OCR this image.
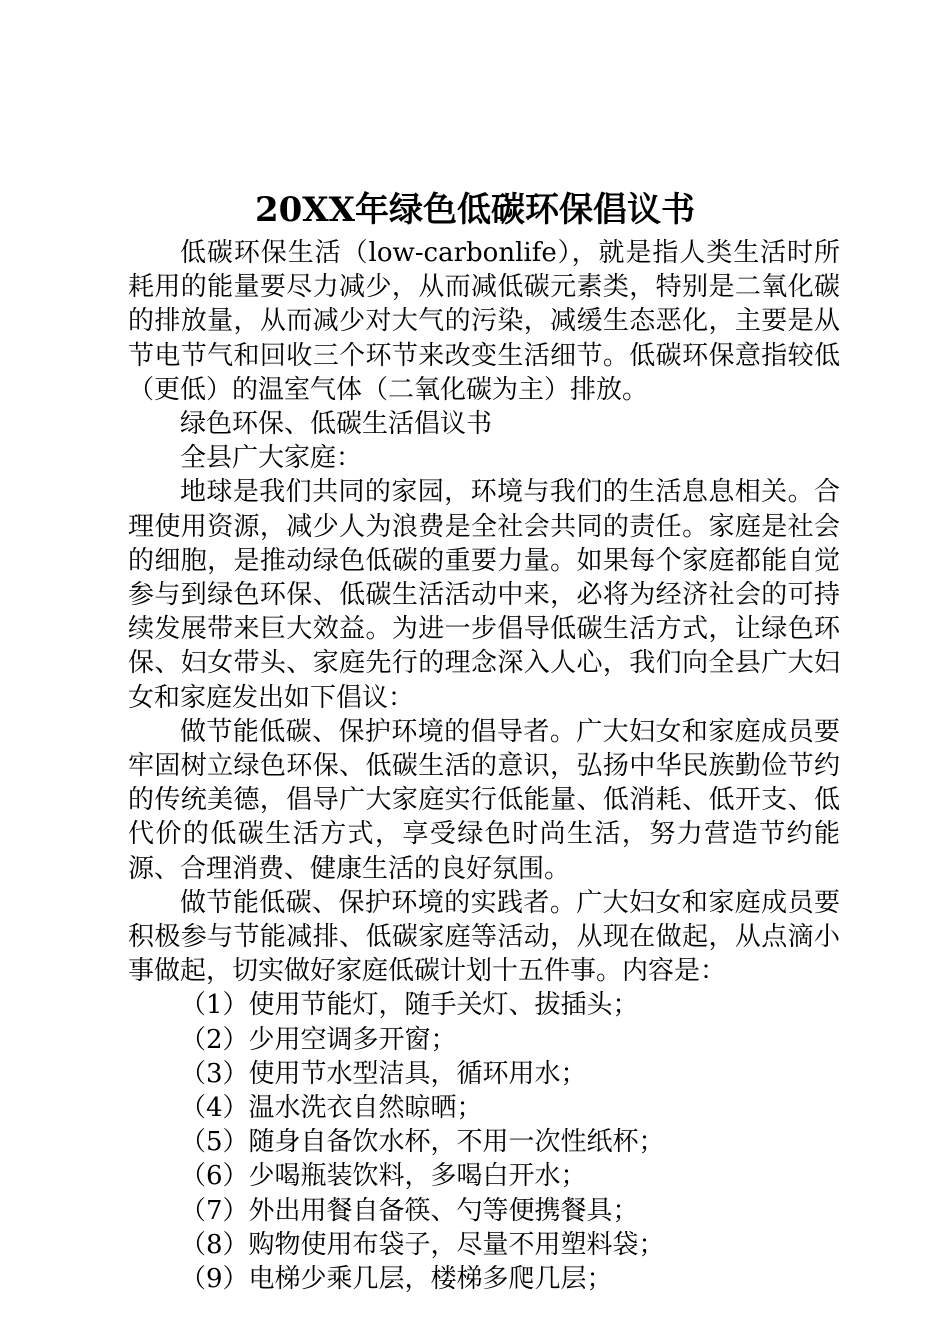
20XX年绿色低碳环保倡议书

低碳环保生活（low-carbonlife），就是指人类生活时所耗用的能量要尽力减少，从而减低碳元素类，特别是二氧化碳的排放量，从而减少对大气的污染，减缓生态恶化，主要是从节电节气和回收三个环节来改变生活细节。低碳环保意指较低（更低）的温室气体（二氧化碳为主）排放。

绿色环保、低碳生活倡议书

全县广大家庭：

地球是我们共同的家园，环境与我们的生活息息相关。合理使用资源，减少人为浪费是全社会共同的责任。家庭是社会的细胞，是推动绿色低碳的重要力量。如果每个家庭都能自觉参与到绿色环保、低碳生活活动中来，必将为经济社会的可持续发展带来巨大效益。为进一步倡导低碳生活方式，让绿色环保、妇女带头、家庭先行的理念深入人心，我们向全县广大妇女和家庭发出如下倡议：

做节能低碳、保护环境的倡导者。广大妇女和家庭成员要牢固树立绿色环保、低碳生活的意识，弘扬中华民族勤俭节约的传统美德，倡导广大家庭实行低能量、低消耗、低开支、低代价的低碳生活方式，享受绿色时尚生活，努力营造节约能源、合理消费、健康生活的良好氛围。

做节能低碳、保护环境的实践者。广大妇女和家庭成员要积极参与节能减排、低碳家庭等活动，从现在做起，从点滴小事做起，切实做好家庭低碳计划十五件事。内容是：

（1）使用节能灯，随手关灯、拔插头；

（2）少用空调多开窗；

（3）使用节水型洁具，循环用水；

（4）温水洗衣自然晾晒；

（5）随身自备饮水杯，不用一次性纸杯；

（6）少喝瓶装饮料，多喝白开水；

（7）外出用餐自备筷、勺等便携餐具；

（8）购物使用布袋子，尽量不用塑料袋；

（9）电梯少乘几层，楼梯多爬几层；
